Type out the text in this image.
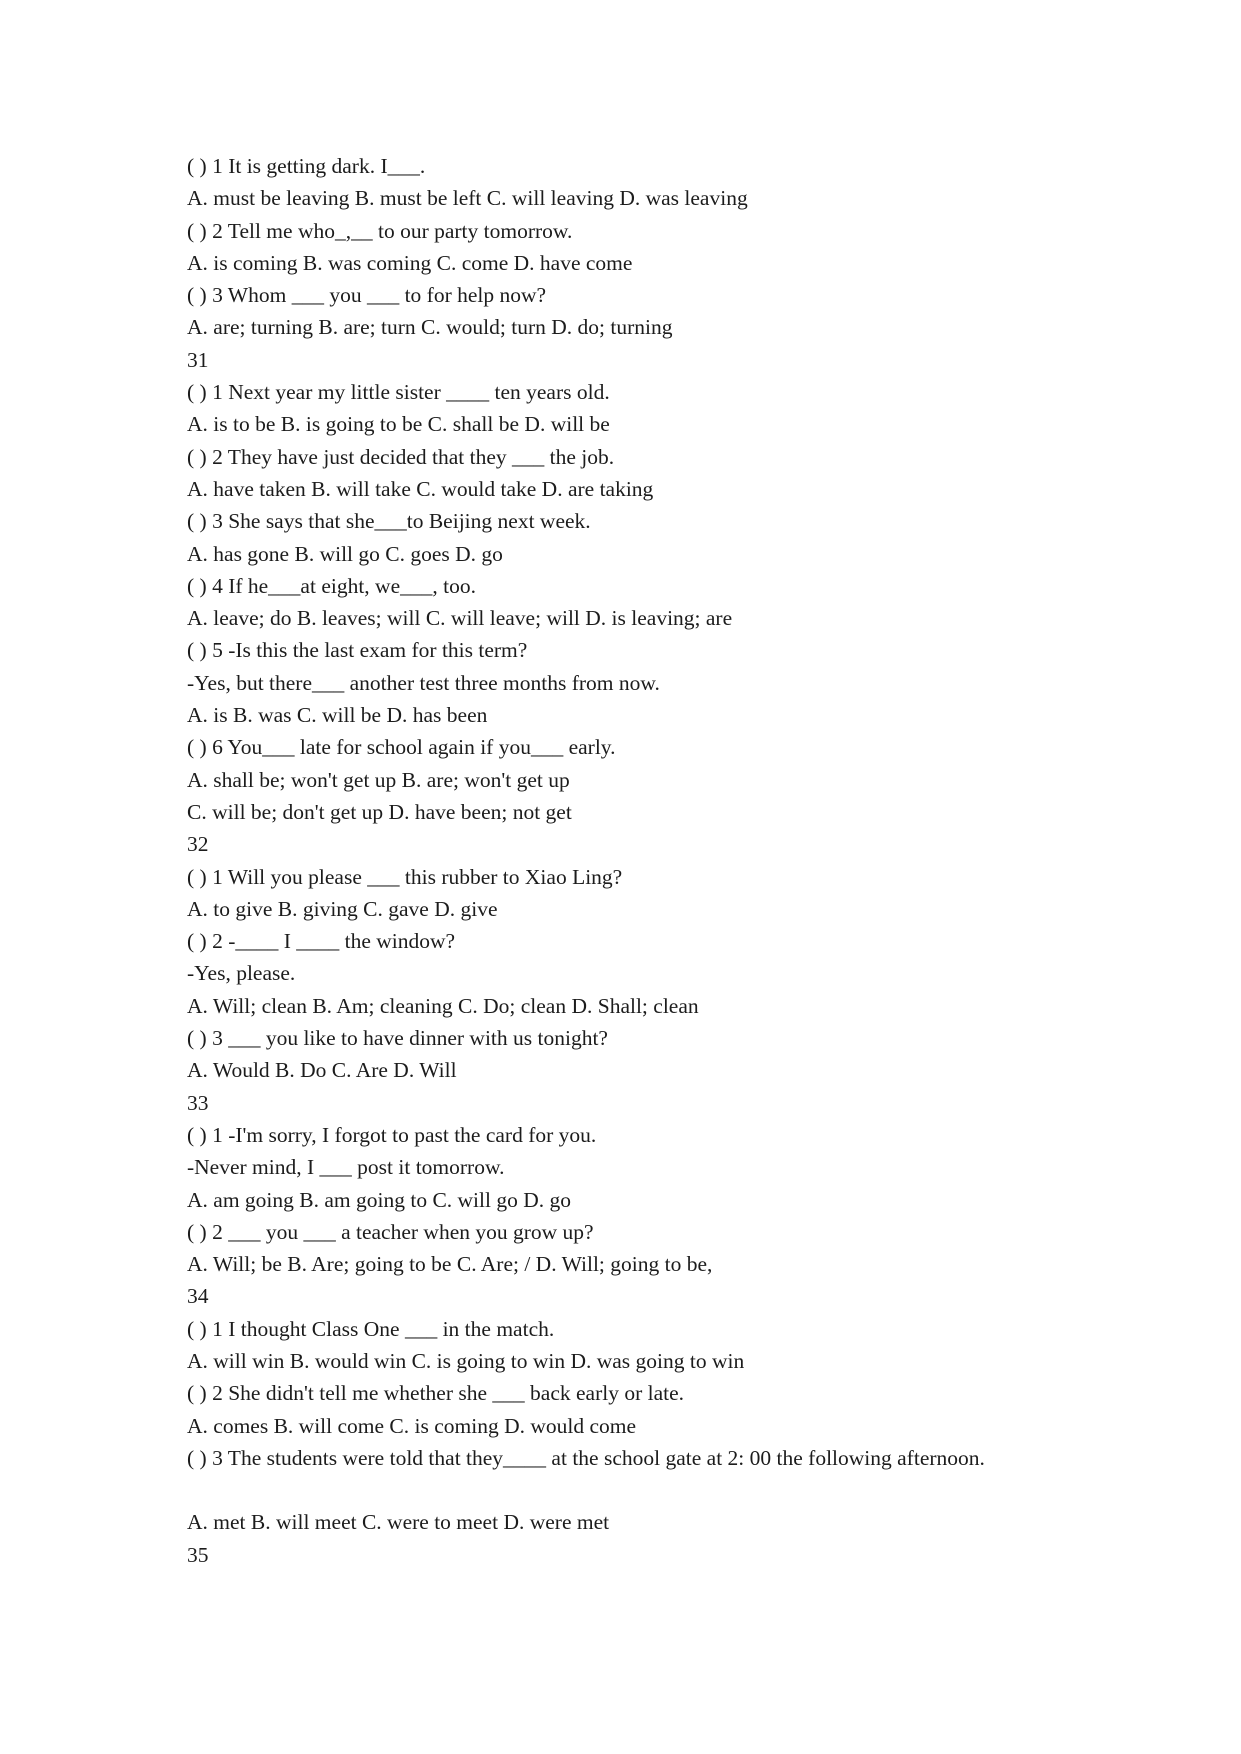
( ) 1 It is getting dark. I___.
A. must be leaving B. must be left C. will leaving D. was leaving
( ) 2 Tell me who_,__ to our party tomorrow.
A. is coming B. was coming C. come D. have come
( ) 3 Whom ___ you ___ to for help now?
A. are; turning B. are; turn C. would; turn D. do; turning
31
( ) 1 Next year my little sister ____ ten years old.
A. is to be B. is going to be C. shall be D. will be
( ) 2 They have just decided that they ___ the job.
A. have taken B. will take C. would take D. are taking
( ) 3 She says that she___to Beijing next week.
A. has gone B. will go C. goes D. go
( ) 4 If he___at eight, we___, too.
A. leave; do B. leaves; will C. will leave; will D. is leaving; are
( ) 5 -Is this the last exam for this term?
-Yes, but there___ another test three months from now.
A. is B. was C. will be D. has been
( ) 6 You___ late for school again if you___ early.
A. shall be; won't get up B. are; won't get up
C. will be; don't get up D. have been; not get
32
( ) 1 Will you please ___ this rubber to Xiao Ling?
A. to give B. giving C. gave D. give
( ) 2 -____ I ____ the window?
-Yes, please.
A. Will; clean B. Am; cleaning C. Do; clean D. Shall; clean
( ) 3 ___ you like to have dinner with us tonight?
A. Would B. Do C. Are D. Will
33
( ) 1 -I'm sorry, I forgot to past the card for you.
-Never mind, I ___ post it tomorrow.
A. am going B. am going to C. will go D. go
( ) 2 ___ you ___ a teacher when you grow up?
A. Will; be B. Are; going to be C. Are; / D. Will; going to be,
34
( ) 1 I thought Class One ___ in the match.
A. will win B. would win C. is going to win D. was going to win
( ) 2 She didn't tell me whether she ___ back early or late.
A. comes B. will come C. is coming D. would come
( ) 3 The students were told that they____ at the school gate at 2: 00 the following afternoon.
A. met B. will meet C. were to meet D. were met
35
